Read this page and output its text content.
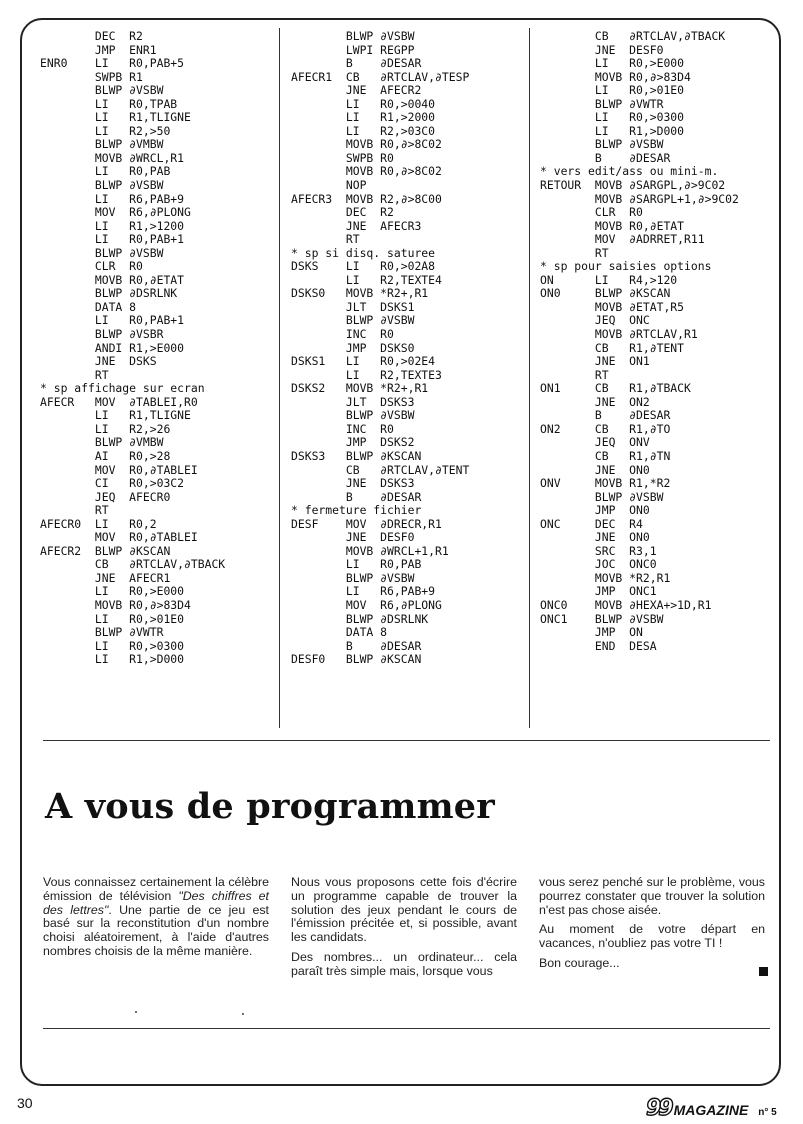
DEC  R2
JMP  ENR1
ENR0    LI   R0,PAB+5
SWPB R1
BLWP ∂VSBW
LI   R0,TPAB
LI   R1,TLIGNE
LI   R2,>50
BLWP ∂VMBW
MOVB ∂WRCL,R1
LI   R0,PAB
BLWP ∂VSBW
LI   R6,PAB+9
MOV  R6,∂PLONG
LI   R1,>1200
LI   R0,PAB+1
BLWP ∂VSBW
CLR  R0
MOVB R0,∂ETAT
BLWP ∂DSRLNK
DATA 8
LI   R0,PAB+1
BLWP ∂VSBR
ANDI R1,>E000
JNE  DSKS
RT
* sp affichage sur ecran
AFECR   MOV  ∂TABLEI,R0
LI   R1,TLIGNE
LI   R2,>26
BLWP ∂VMBW
AI   R0,>28
MOV  R0,∂TABLEI
CI   R0,>03C2
JEQ  AFECR0
RT
AFECR0  LI   R0,2
MOV  R0,∂TABLEI
AFECR2  BLWP ∂KSCAN
CB   ∂RTCLAV,∂TBACK
JNE  AFECR1
LI   R0,>E000
MOVB R0,∂>83D4
LI   R0,>01E0
BLWP ∂VWTR
LI   R0,>0300
LI   R1,>D000
BLWP ∂VSBW
LWPI REGPP
B    ∂DESAR
AFECR1  CB   ∂RTCLAV,∂TESP
JNE  AFECR2
LI   R0,>0040
LI   R1,>2000
LI   R2,>03C0
MOVB R0,∂>8C02
SWPB R0
MOVB R0,∂>8C02
NOP
AFECR3  MOVB R2,∂>8C00
DEC  R2
JNE  AFECR3
RT
* sp si disq. saturee
DSKS    LI   R0,>02A8
LI   R2,TEXTE4
DSKS0   MOVB *R2+,R1
JLT  DSKS1
BLWP ∂VSBW
INC  R0
JMP  DSKS0
DSKS1   LI   R0,>02E4
LI   R2,TEXTE3
DSKS2   MOVB *R2+,R1
JLT  DSKS3
BLWP ∂VSBW
INC  R0
JMP  DSKS2
DSKS3   BLWP ∂KSCAN
CB   ∂RTCLAV,∂TENT
JNE  DSKS3
B    ∂DESAR
* fermeture fichier
DESF    MOV  ∂DRECR,R1
JNE  DESF0
MOVB ∂WRCL+1,R1
LI   R0,PAB
BLWP ∂VSBW
LI   R6,PAB+9
MOV  R6,∂PLONG
BLWP ∂DSRLNK
DATA 8
B    ∂DESAR
DESF0   BLWP ∂KSCAN
CB   ∂RTCLAV,∂TBACK
JNE  DESF0
LI   R0,>E000
MOVB R0,∂>83D4
LI   R0,>01E0
BLWP ∂VWTR
LI   R0,>0300
LI   R1,>D000
BLWP ∂VSBW
B    ∂DESAR
* vers edit/ass ou mini-m.
RETOUR  MOVB ∂SARGPL,∂>9C02
MOVB ∂SARGPL+1,∂>9C02
CLR  R0
MOVB R0,∂ETAT
MOV  ∂ADRRET,R11
RT
* sp pour saisies options
ON      LI   R4,>120
ON0     BLWP ∂KSCAN
MOVB ∂ETAT,R5
JEQ  ONC
MOVB ∂RTCLAV,R1
CB   R1,∂TENT
JNE  ON1
RT
ON1     CB   R1,∂TBACK
JNE  ON2
B    ∂DESAR
ON2     CB   R1,∂TO
JEQ  ONV
CB   R1,∂TN
JNE  ON0
ONV     MOVB R1,*R2
BLWP ∂VSBW
JMP  ON0
ONC     DEC  R4
JNE  ON0
SRC  R3,1
JOC  ONC0
MOVB *R2,R1
JMP  ONC1
ONC0    MOVB ∂HEXA+>1D,R1
ONC1    BLWP ∂VSBW
JMP  ON
END  DESA
A vous de programmer

Vous connaissez certainement la célèbre émission de télévision "Des chiffres et des lettres". Une partie de ce jeu est basé sur la reconstitution d'un nombre choisi aléatoirement, à l'aide d'autres nombres choisis de la même manière.

Nous vous proposons cette fois d'écrire un programme capable de trouver la solution des jeux pendant le cours de l'émission précitée et, si possible, avant les candidats.

Des nombres... un ordinateur... cela paraît très simple mais, lorsque vous

vous serez penché sur le problème, vous pourrez constater que trouver la solution n'est pas chose aisée.

Au moment de votre départ en vacances, n'oubliez pas votre TI !

Bon courage...

30	99 MAGAZINE n° 5
